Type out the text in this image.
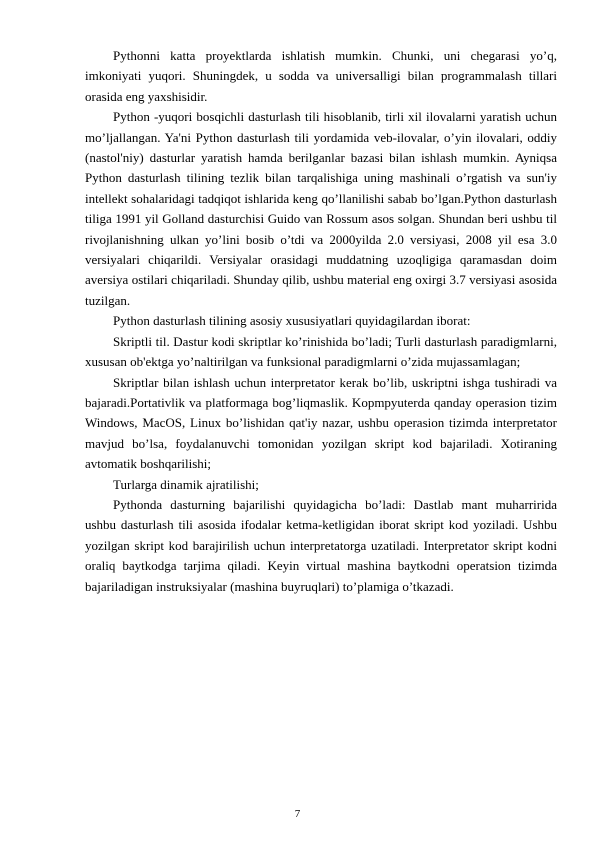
Pythonni katta proyektlarda ishlatish mumkin. Chunki, uni chegarasi yo’q, imkoniyati yuqori. Shuningdek, u sodda va universalligi bilan programmalash tillari orasida eng yaxshisidir.

Python -yuqori bosqichli dasturlash tili hisoblanib, tirli xil ilovalarni yaratish uchun mo’ljallangan. Ya'ni Python dasturlash tili yordamida veb-ilovalar, o’yin ilovalari, oddiy (nastol'niy) dasturlar yaratish hamda berilganlar bazasi bilan ishlash mumkin. Ayniqsa Python dasturlash tilining tezlik bilan tarqalishiga uning mashinali o’rgatish va sun'iy intellekt sohalaridagi tadqiqot ishlarida keng qo’llanilishi sabab bo’lgan.Python dasturlash tiliga 1991 yil Golland dasturchisi Guido van Rossum asos solgan. Shundan beri ushbu til rivojlanishning ulkan yo’lini bosib o’tdi va 2000yilda 2.0 versiyasi, 2008 yil esa 3.0 versiyalari chiqarildi. Versiyalar orasidagi muddatning uzoqligiga qaramasdan doim aversiya ostilari chiqariladi. Shunday qilib, ushbu material eng oxirgi 3.7 versiyasi asosida tuzilgan.

Python dasturlash tilining asosiy xususiyatlari quyidagilardan iborat:

Skriptli til. Dastur kodi skriptlar ko’rinishida bo’ladi; Turli dasturlash paradigmlarni, xususan ob'ektga yo’naltirilgan va funksional paradigmlarni o’zida mujassamlagan;

Skriptlar bilan ishlash uchun interpretator kerak bo’lib, uskriptni ishga tushiradi va bajaradi.Portativlik va platformaga bog’liqmaslik. Kopmpyuterda qanday operasion tizim Windows, MacOS, Linux bo’lishidan qat'iy nazar, ushbu operasion tizimda interpretator mavjud bo’lsa, foydalanuvchi tomonidan yozilgan skript kod bajariladi. Xotiraning avtomatik boshqarilishi;

Turlarga dinamik ajratilishi;

Pythonda dasturning bajarilishi quyidagicha bo’ladi: Dastlab mant muharririda ushbu dasturlash tili asosida ifodalar ketma-ketligidan iborat skript kod yoziladi. Ushbu yozilgan skript kod barajirilish uchun interpretatorga uzatiladi. Interpretator skript kodni oraliq baytkodga tarjima qiladi. Keyin virtual mashina baytkodni operatsion tizimda bajariladigan instruksiyalar (mashina buyruqlari) to’plamiga o’tkazadi.

7
